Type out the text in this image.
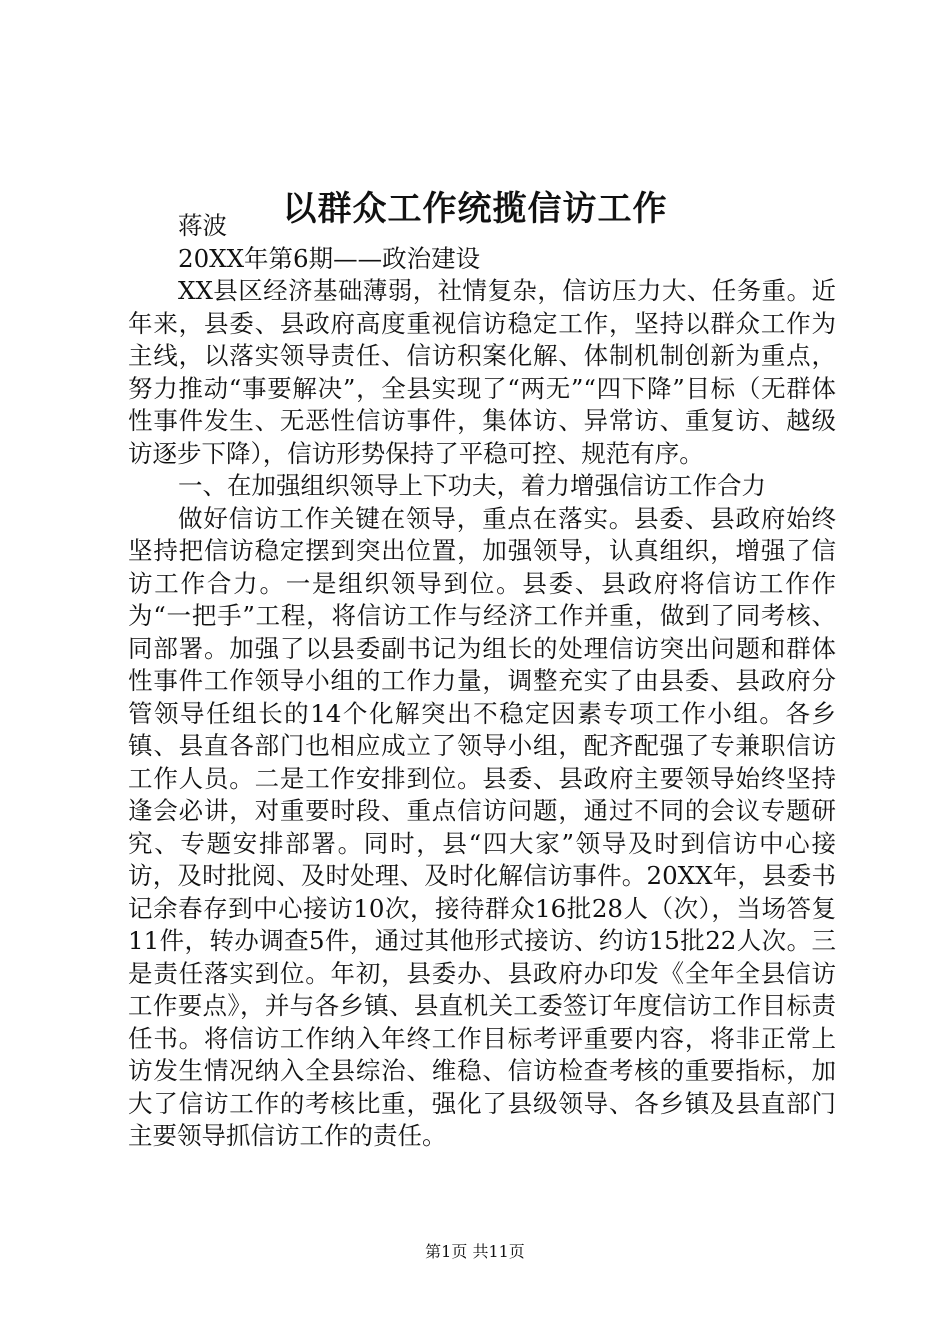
以群众工作统揽信访工作

蒋波

20XX年第6期——政治建设

XX县区经济基础薄弱，社情复杂，信访压力大、任务重。近年来，县委、县政府高度重视信访稳定工作，坚持以群众工作为主线，以落实领导责任、信访积案化解、体制机制创新为重点，努力推动“事要解决”，全县实现了“两无”“四下降”目标（无群体性事件发生、无恶性信访事件，集体访、异常访、重复访、越级访逐步下降），信访形势保持了平稳可控、规范有序。

一、在加强组织领导上下功夫，着力增强信访工作合力

做好信访工作关键在领导，重点在落实。县委、县政府始终坚持把信访稳定摆到突出位置，加强领导，认真组织，增强了信访工作合力。一是组织领导到位。县委、县政府将信访工作作为“一把手”工程，将信访工作与经济工作并重，做到了同考核、同部署。加强了以县委副书记为组长的处理信访突出问题和群体性事件工作领导小组的工作力量，调整充实了由县委、县政府分管领导任组长的14个化解突出不稳定因素专项工作小组。各乡镇、县直各部门也相应成立了领导小组，配齐配强了专兼职信访工作人员。二是工作安排到位。县委、县政府主要领导始终坚持逢会必讲，对重要时段、重点信访问题，通过不同的会议专题研究、专题安排部署。同时，县“四大家”领导及时到信访中心接访，及时批阅、及时处理、及时化解信访事件。20XX年，县委书记余春存到中心接访10次，接待群众16批28人（次），当场答复11件，转办调查5件，通过其他形式接访、约访15批22人次。三是责任落实到位。年初，县委办、县政府办印发《全年全县信访工作要点》，并与各乡镇、县直机关工委签订年度信访工作目标责任书。将信访工作纳入年终工作目标考评重要内容，将非正常上访发生情况纳入全县综治、维稳、信访检查考核的重要指标，加大了信访工作的考核比重，强化了县级领导、各乡镇及县直部门主要领导抓信访工作的责任。

第1页 共11页
